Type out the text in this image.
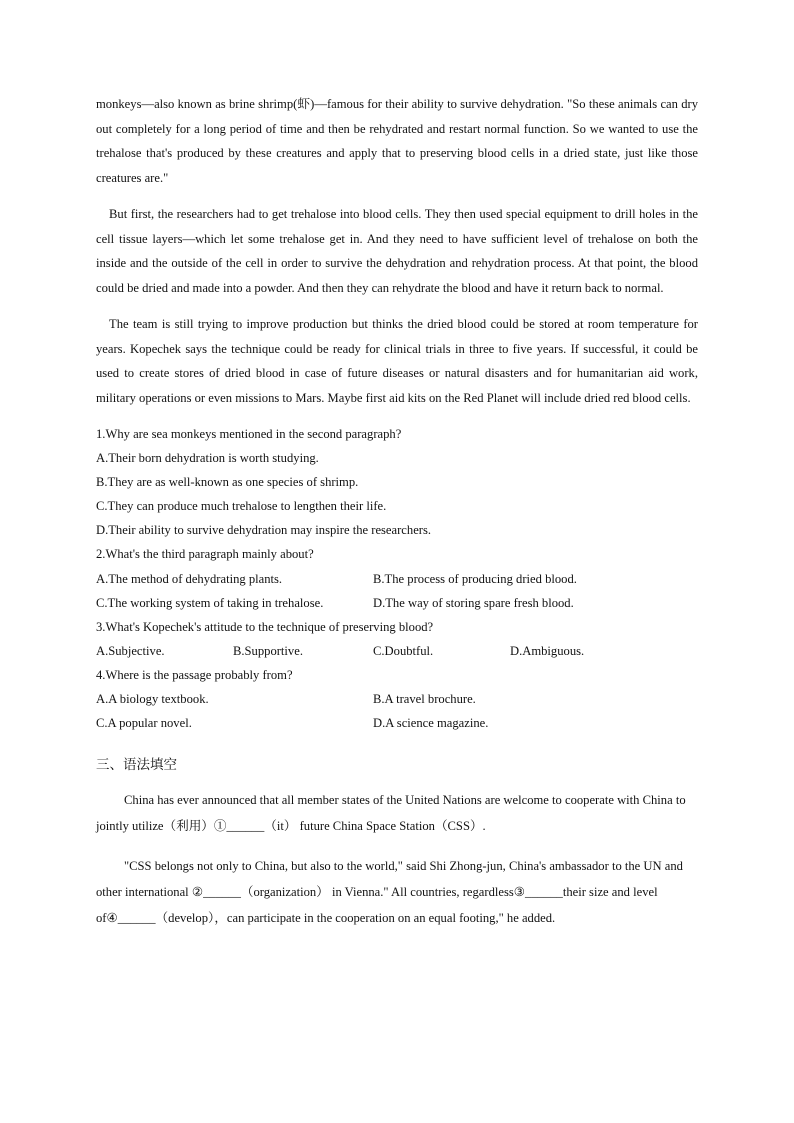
monkeys—also known as brine shrimp(虾)—famous for their ability to survive dehydration. "So these animals can dry out completely for a long period of time and then be rehydrated and restart normal function. So we wanted to use the trehalose that's produced by these creatures and apply that to preserving blood cells in a dried state, just like those creatures are."

But first, the researchers had to get trehalose into blood cells. They then used special equipment to drill holes in the cell tissue layers—which let some trehalose get in. And they need to have sufficient level of trehalose on both the inside and the outside of the cell in order to survive the dehydration and rehydration process. At that point, the blood could be dried and made into a powder. And then they can rehydrate the blood and have it return back to normal.

The team is still trying to improve production but thinks the dried blood could be stored at room temperature for years. Kopechek says the technique could be ready for clinical trials in three to five years. If successful, it could be used to create stores of dried blood in case of future diseases or natural disasters and for humanitarian aid work, military operations or even missions to Mars. Maybe first aid kits on the Red Planet will include dried red blood cells.

1.Why are sea monkeys mentioned in the second paragraph?

A.Their born dehydration is worth studying.

B.They are as well-known as one species of shrimp.

C.They can produce much trehalose to lengthen their life.

D.Their ability to survive dehydration may inspire the researchers.

2.What's the third paragraph mainly about?

A.The method of dehydrating plants.	B.The process of producing dried blood.
C.The working system of taking in trehalose.	D.The way of storing spare fresh blood.

3.What's Kopechek's attitude to the technique of preserving blood?

A.Subjective.	B.Supportive.	C.Doubtful.	D.Ambiguous.

4.Where is the passage probably from?

A.A biology textbook.	B.A travel brochure.
C.A popular novel.	D.A science magazine.
三、语法填空

China has ever announced that all member states of the United Nations are welcome to cooperate with China to jointly utilize（利用）①______（it） future China Space Station（CSS）.

"CSS belongs not only to China, but also to the world," said Shi Zhong-jun, China's ambassador to the UN and other international ②______（organization） in Vienna." All countries, regardless③______their size and level of④______（develop），can participate in the cooperation on an equal footing," he added.
